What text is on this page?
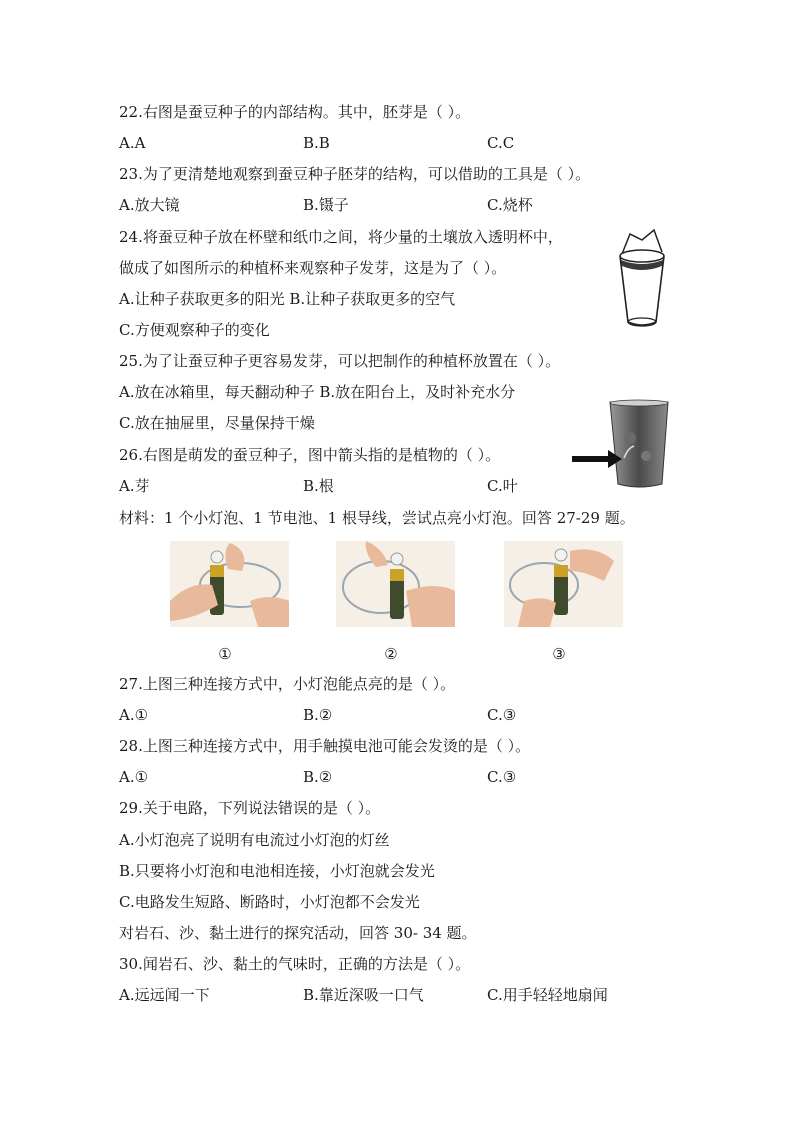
22.右图是蚕豆种子的内部结构。其中，胚芽是（ ）。
A.A	B.B	C.C
23.为了更清楚地观察到蚕豆种子胚芽的结构，可以借助的工具是（ ）。
A.放大镜	B.镊子	C.烧杯
24.将蚕豆种子放在杯壁和纸巾之间，将少量的土壤放入透明杯中，
做成了如图所示的种植杯来观察种子发芽，这是为了（ ）。
A.让种子获取更多的阳光 B.让种子获取更多的空气
C.方便观察种子的变化
25.为了让蚕豆种子更容易发芽，可以把制作的种植杯放置在（ ）。
A.放在冰箱里，每天翻动种子 B.放在阳台上，及时补充水分
C.放在抽屉里，尽量保持干燥
26.右图是萌发的蚕豆种子，图中箭头指的是植物的（ ）。
A.芽	B.根	C.叶
材料：1 个小灯泡、1 节电池、1 根导线，尝试点亮小灯泡。回答 27-29 题。
①	②	③
27.上图三种连接方式中，小灯泡能点亮的是（ ）。
A.①	B.②	C.③
28.上图三种连接方式中，用手触摸电池可能会发烫的是（ ）。
A.①	B.②	C.③
29.关于电路，下列说法错误的是（ ）。
A.小灯泡亮了说明有电流过小灯泡的灯丝
B.只要将小灯泡和电池相连接，小灯泡就会发光
C.电路发生短路、断路时，小灯泡都不会发光
对岩石、沙、黏土进行的探究活动，回答 30- 34 题。
30.闻岩石、沙、黏土的气味时，正确的方法是（ ）。
A.远远闻一下	B.靠近深吸一口气	C.用手轻轻地扇闻
